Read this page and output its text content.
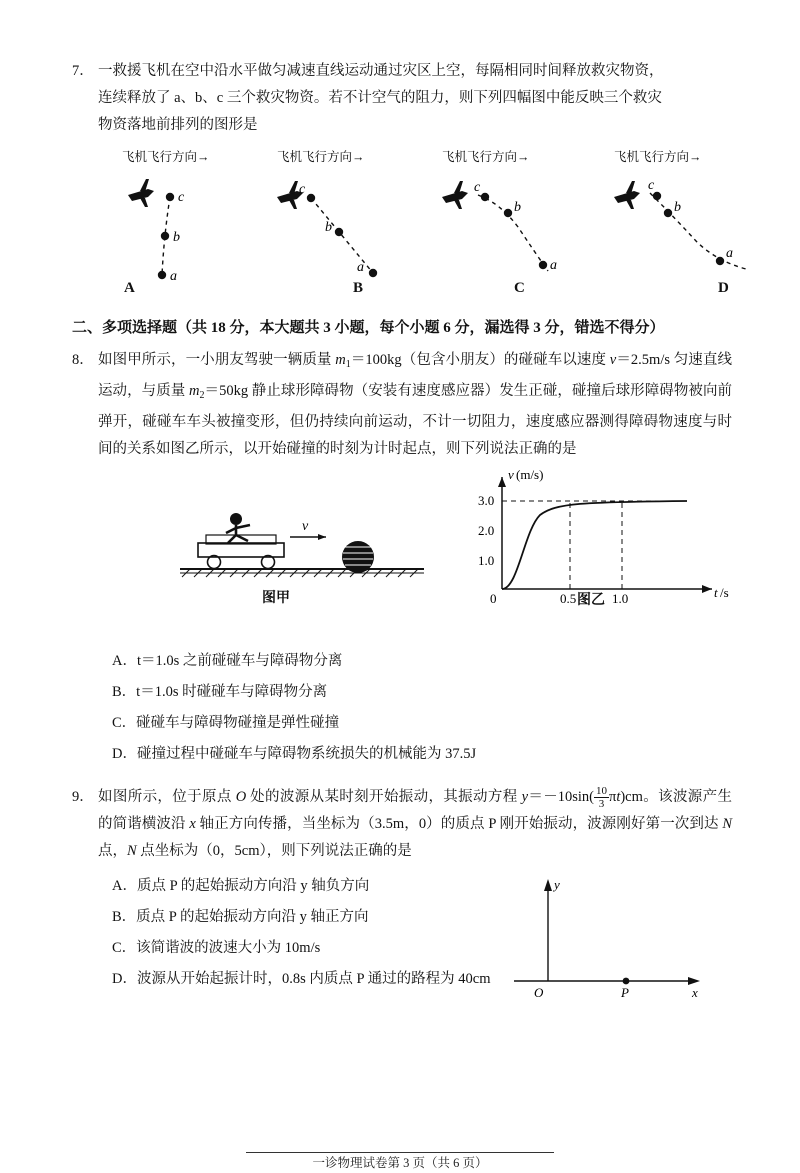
7． 一救援飞机在空中沿水平做匀减速直线运动通过灾区上空，每隔相同时间释放救灾物资，
连续释放了 a、b、c 三个救灾物资。若不计空气的阻力，则下列四幅图中能反映三个救灾
物资落地前排列的图形是
飞机飞行方向→
c
b
a
A
飞机飞行方向→
c
b
a
B
飞机飞行方向→
c
b
a
C
飞机飞行方向→
c
b
a
D
二、多项选择题（共 18 分，本大题共 3 小题，每个小题 6 分，漏选得 3 分，错选不得分）
8． 如图甲所示，一小朋友驾驶一辆质量 $m_1=100kg$（包含小朋友）的碰碰车以速度 v＝2.5m/s 匀速直线运动，与质量 $m_2=50kg$ 静止球形障碍物（安装有速度感应器）发生正碰，碰撞后球形障碍物被向前弹开，碰碰车车头被撞变形，但仍持续向前运动，不计一切阻力，速度感应器测得障碍物速度与时间的关系如图乙所示，以开始碰撞的时刻为计时起点，则下列说法正确的是
v
图甲
v (m/s)
t /s
3.0
2.0
1.0
0	0.5	1.0
图乙
A．t＝1.0s 之前碰碰车与障碍物分离
B．t＝1.0s 时碰碰车与障碍物分离
C．碰碰车与障碍物碰撞是弹性碰撞
D．碰撞过程中碰碰车与障碍物系统损失的机械能为 37.5J
9． 如图所示，位于原点 O 处的波源从某时刻开始振动，其振动方程 $y=-10\sin( \frac{10}{3} \pi t)cm$。该波源产生的简谐横波沿 x 轴正方向传播，当坐标为（3.5m，0）的质点 P 刚开始振动，波源刚好第一次到达 N 点，N 点坐标为（0，5cm），则下列说法正确的是
A．质点 P 的起始振动方向沿 y 轴负方向
B．质点 P 的起始振动方向沿 y 轴正方向
C．该简谐波的波速大小为 10m/s
D．波源从开始起振计时，0.8s 内质点 P 通过的路程为 40cm
y
x
O	P
一诊物理试卷第 3 页（共 6 页）
